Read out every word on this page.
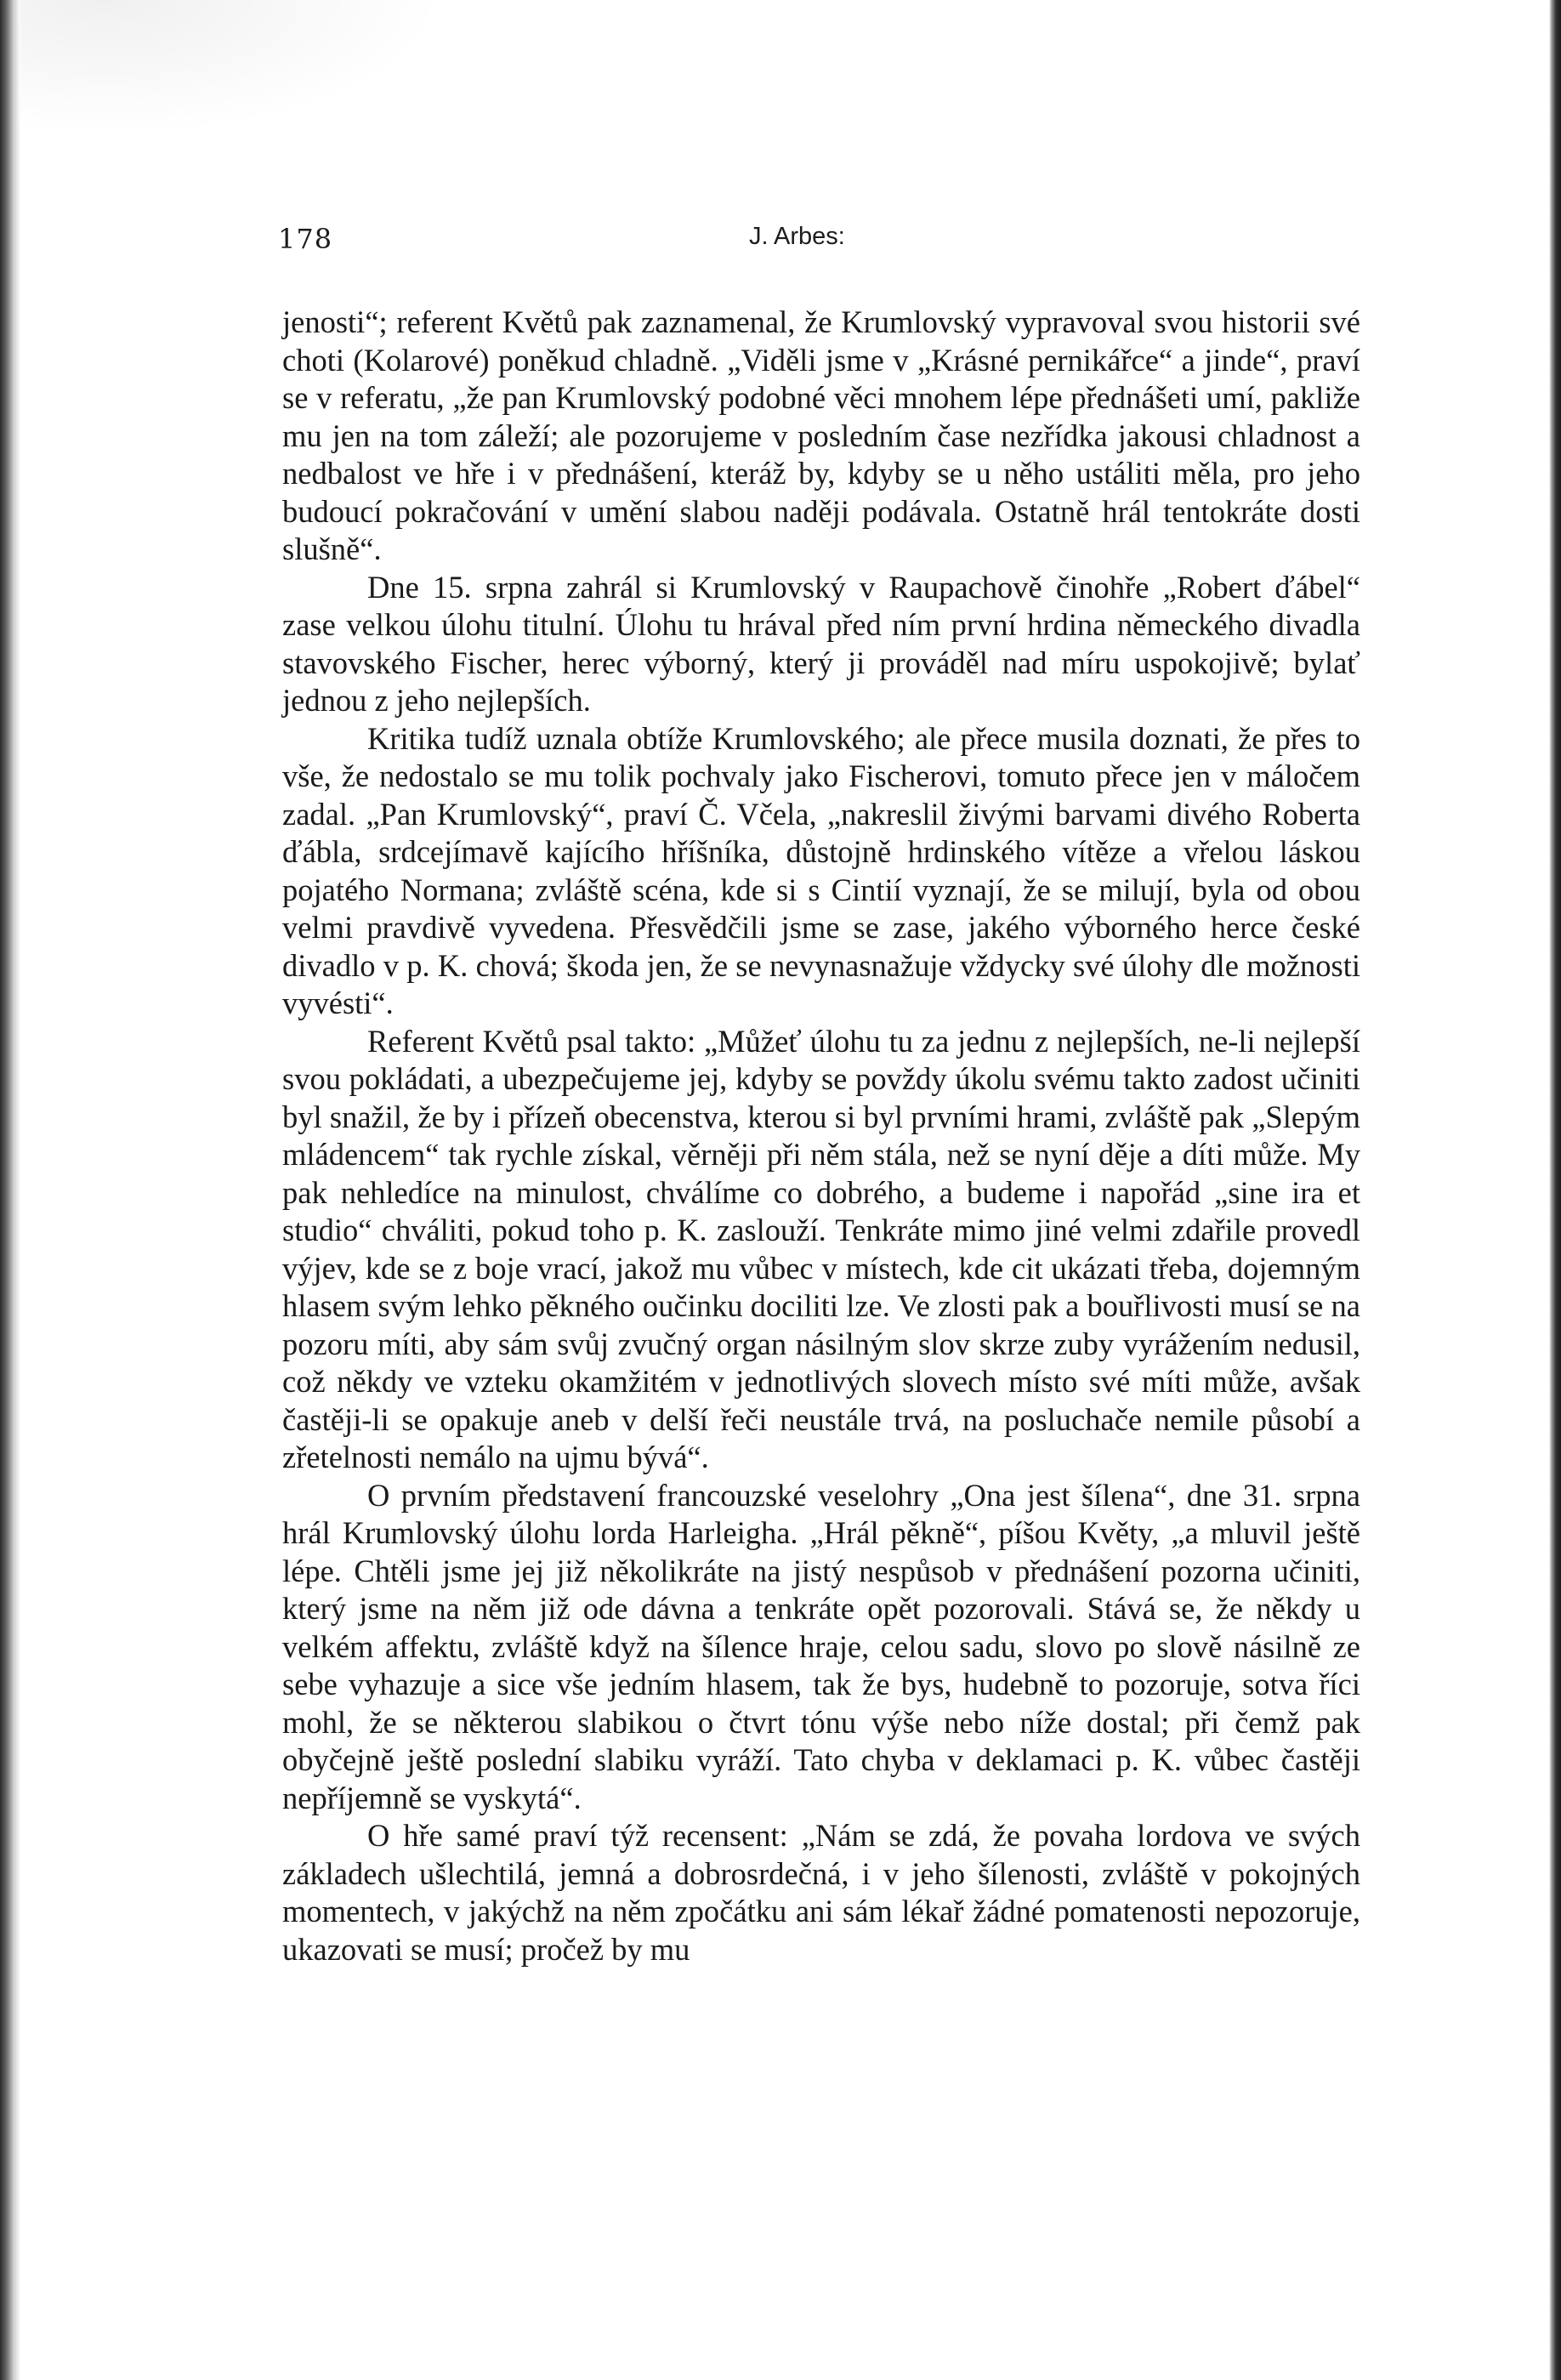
178	J. Arbes:

jenosti“; referent Květů pak zaznamenal, že Krumlovský vypravoval svou historii své choti (Kolarové) poněkud chladně. „Viděli jsme v „Krásné pernikářce“ a jinde“, praví se v referatu, „že pan Krumlovský podobné věci mnohem lépe přednášeti umí, pakliže mu jen na tom záleží; ale pozorujeme v posledním čase nezřídka jakousi chladnost a nedbalost ve hře i v přednášení, kteráž by, kdyby se u něho ustáliti měla, pro jeho budoucí pokračování v umění slabou naději podávala. Ostatně hrál tentokráte dosti slušně“.

Dne 15. srpna zahrál si Krumlovský v Raupachově činohře „Robert ďábel“ zase velkou úlohu titulní. Úlohu tu hrával před ním první hrdina německého divadla stavovského Fischer, herec výborný, který ji prováděl nad míru uspokojivě; bylať jednou z jeho nejlepších.

Kritika tudíž uznala obtíže Krumlovského; ale přece musila doznati, že přes to vše, že nedostalo se mu tolik pochvaly jako Fischerovi, tomuto přece jen v máločem zadal. „Pan Krumlovský“, praví Č. Včela, „nakreslil živými barvami divého Roberta ďábla, srdcejímavě kajícího hříšníka, důstojně hrdinského vítěze a vřelou láskou pojatého Normana; zvláště scéna, kde si s Cintií vyznají, že se milují, byla od obou velmi pravdivě vyvedena. Přesvědčili jsme se zase, jakého výborného herce české divadlo v p. K. chová; škoda jen, že se nevynasnažuje vždycky své úlohy dle možnosti vyvésti“.

Referent Květů psal takto: „Můžeť úlohu tu za jednu z nejlepších, ne-li nejlepší svou pokládati, a ubezpečujeme jej, kdyby se povždy úkolu svému takto zadost učiniti byl snažil, že by i přízeň obecenstva, kterou si byl prvními hrami, zvláště pak „Slepým mládencem“ tak rychle získal, věrněji při něm stála, než se nyní děje a díti může. My pak nehledíce na minulost, chválíme co dobrého, a budeme i napořád „sine ira et studio“ chváliti, pokud toho p. K. zaslouží. Tenkráte mimo jiné velmi zdařile provedl výjev, kde se z boje vrací, jakož mu vůbec v místech, kde cit ukázati třeba, dojemným hlasem svým lehko pěkného oučinku dociliti lze. Ve zlosti pak a bouřlivosti musí se na pozoru míti, aby sám svůj zvučný organ násilným slov skrze zuby vyrážením nedusil, což někdy ve vzteku okamžitém v jednotlivých slovech místo své míti může, avšak častěji-li se opakuje aneb v delší řeči neustále trvá, na posluchače nemile působí a zřetelnosti nemálo na ujmu bývá“.

O prvním představení francouzské veselohry „Ona jest šílena“, dne 31. srpna hrál Krumlovský úlohu lorda Harleigha. „Hrál pěkně“, píšou Květy, „a mluvil ještě lépe. Chtěli jsme jej již několikráte na jistý nespůsob v přednášení pozorna učiniti, který jsme na něm již ode dávna a tenkráte opět pozorovali. Stává se, že někdy u velkém affektu, zvláště když na šílence hraje, celou sadu, slovo po slově násilně ze sebe vyhazuje a sice vše jedním hlasem, tak že bys, hudebně to pozoruje, sotva říci mohl, že se některou slabikou o čtvrt tónu výše nebo níže dostal; při čemž pak obyčejně ještě poslední slabiku vyráží. Tato chyba v deklamaci p. K. vůbec častěji nepříjemně se vyskytá“.

O hře samé praví týž recensent: „Nám se zdá, že povaha lordova ve svých základech ušlechtilá, jemná a dobrosrdečná, i v jeho šílenosti, zvláště v pokojných momentech, v jakýchž na něm zpočátku ani sám lékař žádné pomatenosti nepozoruje, ukazovati se musí; pročež by mu
